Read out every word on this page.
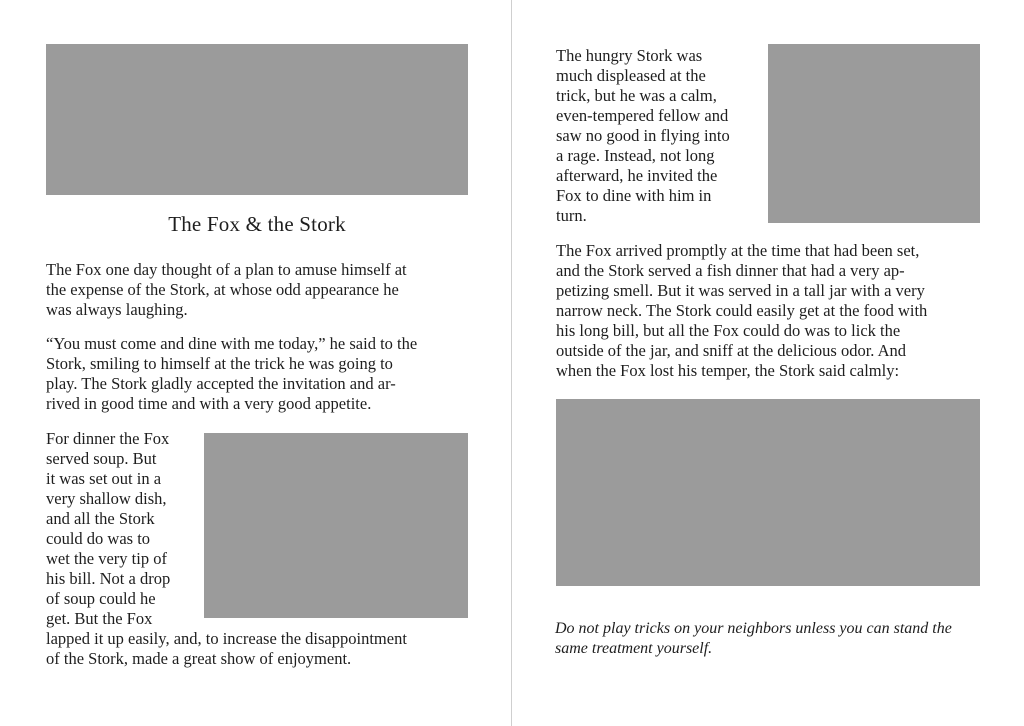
The Fox & the Stork

The Fox one day thought of a plan to amuse himself at
the expense of the Stork, at whose odd appearance he
was always laughing.

“You must come and dine with me today,” he said to the
Stork, smiling to himself at the trick he was going to
play. The Stork gladly accepted the invitation and ar-
rived in good time and with a very good appetite.

For dinner the Fox
served soup. But
it was set out in a
very shallow dish,
and all the Stork
could do was to
wet the very tip of
his bill. Not a drop
of soup could he
get. But the Fox
lapped it up easily, and, to increase the disappointment
of the Stork, made a great show of enjoyment.

The hungry Stork was
much displeased at the
trick, but he was a calm,
even-tempered fellow and
saw no good in flying into
a rage. Instead, not long
afterward, he invited the
Fox to dine with him in
turn.

The Fox arrived promptly at the time that had been set,
and the Stork served a fish dinner that had a very ap-
petizing smell. But it was served in a tall jar with a very
narrow neck. The Stork could easily get at the food with
his long bill, but all the Fox could do was to lick the
outside of the jar, and sniff at the delicious odor. And
when the Fox lost his temper, the Stork said calmly:

Do not play tricks on your neighbors unless you can stand the
same treatment yourself.
